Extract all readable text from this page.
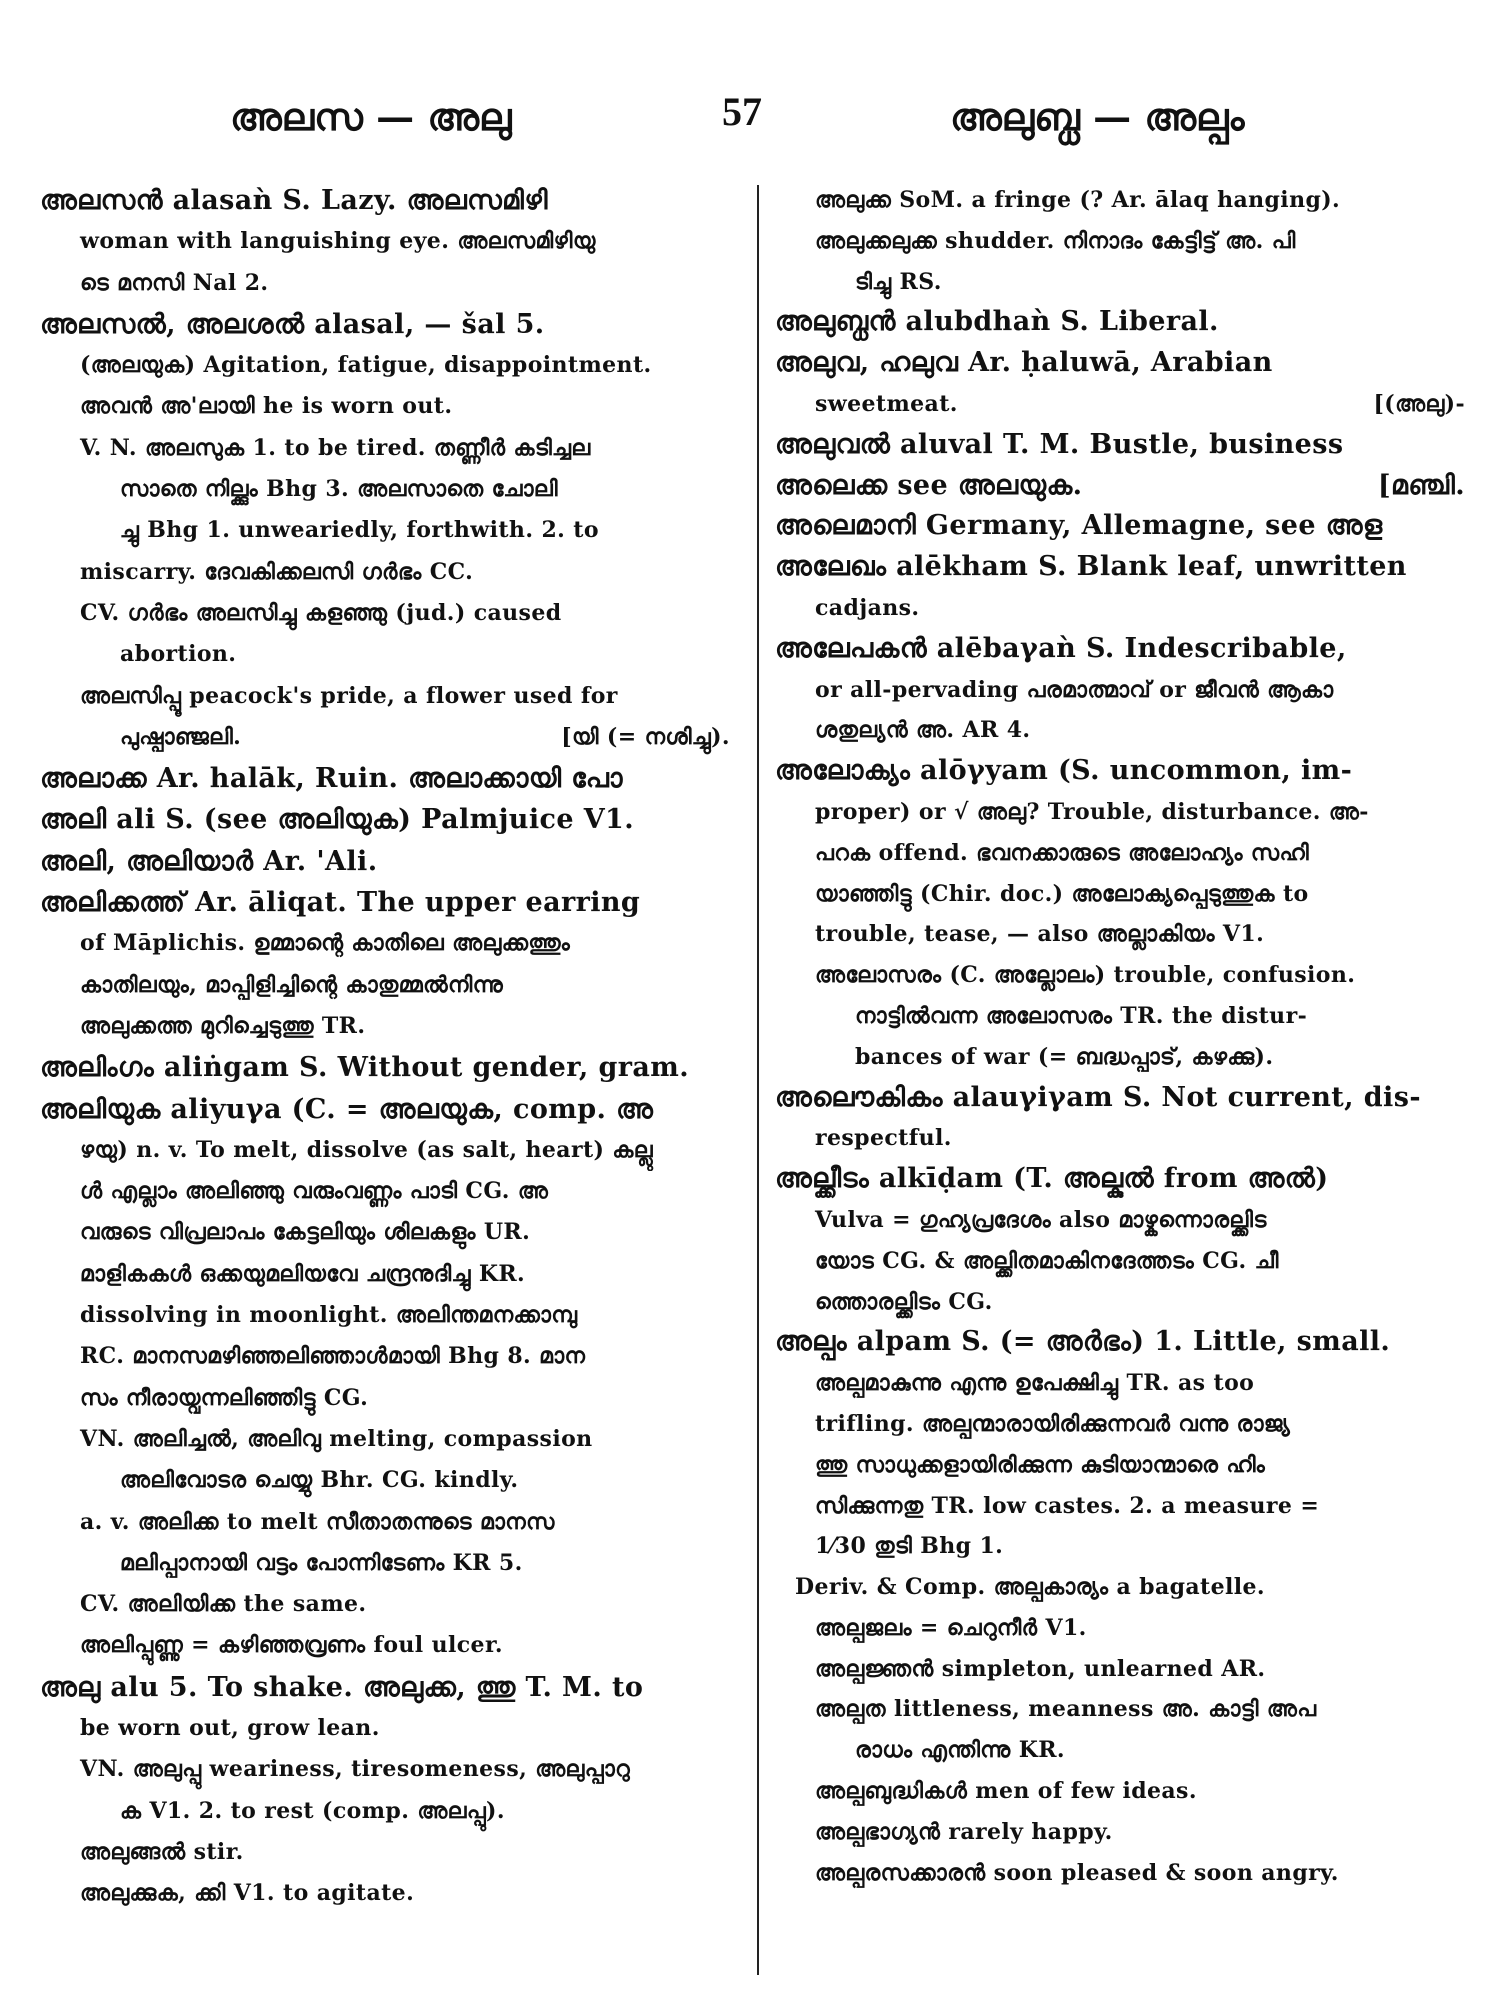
അലസ — അലു	57	അലുബ്ധ — അല്പം
അലസൻ alasaǹ S. Lazy. അലസമിഴി
woman with languishing eye. അലസമിഴിയു
ടെ മനസി Nal 2.
അലസൽ, അലശൽ alasal, — šal 5.
(അലയുക) Agitation, fatigue, disappointment.
അവൻ അ'ലായി he is worn out.
V. N. അലസുക 1. to be tired. തണ്ണീർ കടിച്ചല
സാതെ നില്ക്കും Bhg 3. അലസാതെ ചോലി
ച്ചു Bhg 1. unweariedly, forthwith. 2. to
miscarry. ദേവകിക്കലസി ഗർഭം CC.
CV. ഗർഭം അലസിച്ചു കളഞ്ഞു (jud.) caused
abortion.
അലസിപ്പൂ peacock's pride, a flower used for
പുഷ്പാഞ്ജലി.	[യി (= നശിച്ചു).
അലാക്ക Ar. halāk, Ruin. അലാക്കായി പോ
അലി ali S. (see അലിയുക) Palmjuice V1.
അലി, അലിയാർ Ar. 'Ali.
അലിക്കത്ത് Ar. āliqat. The upper earring
of Māplichis. ഉമ്മാന്റെ കാതിലെ അലുക്കത്തും
കാതിലയും, മാപ്പിളിച്ചിന്റെ കാതുമ്മൽനിന്നു
അലുക്കത്ത മുറിച്ചെടുത്തു TR.
അലിംഗം aliṅgam S. Without gender, gram.
അലിയുക aliyuγa (C. = അലയുക, comp. അ
ഴയു) n. v. To melt, dissolve (as salt, heart) കല്ലു
ൾ എല്ലാം അലിഞ്ഞു വരുംവണ്ണം പാടി CG. അ
വരുടെ വിപ്രലാപം കേട്ടലിയും ശിലകളും UR.
മാളികകൾ ഒക്കയുമലിയവേ ചന്ദ്രനുദിച്ചു KR.
dissolving in moonlight. അലിന്തമനക്കാമ്പു
RC. മാനസമഴിഞ്ഞലിഞ്ഞാൾമായി Bhg 8. മാന
സം നീരായ്വന്നലിഞ്ഞിട്ടു CG.
VN. അലിച്ചൽ, അലിവു melting, compassion
അലിവോടര ചെയ്യു Bhr. CG. kindly.
a. v. അലിക്ക to melt സീതാതന്നുടെ മാനസ
മലിപ്പാനായി വട്ടം പോന്നിടേണം KR 5.
CV. അലിയിക്ക the same.
അലിപ്പുണ്ണു = കഴിഞ്ഞവ്രണം foul ulcer.
അലു alu 5. To shake. അലുക്ക, ത്തു T. M. to
be worn out, grow lean.
VN. അലുപ്പു weariness, tiresomeness, അലുപ്പാറു
ക V1. 2. to rest (comp. അലപ്പു).
അലുങ്ങൽ stir.
അലുക്കുക, ക്കി V1. to agitate.
അലുക്ക SoM. a fringe (? Ar. ālaq hanging).
അലുക്കലുക്ക shudder. നിനാദം കേട്ടിട്ട് അ. പി
ടിച്ചു RS.
അലുബ്ധൻ alubdhaǹ S. Liberal.
അലുവ, ഹലുവ Ar. ḥaluwā, Arabian
sweetmeat.	[(അലു)-
അലുവൽ aluval T. M. Bustle, business
അലെക്ക see അലയുക.	[മഞ്ചി.
അലെമാനി Germany, Allemagne, see അള
അലേഖം alēkham S. Blank leaf, unwritten
cadjans.
അലേപകൻ alēbaγaǹ S. Indescribable,
or all-pervading പരമാത്മാവ് or ജീവൻ ആകാ
ശതുല്യൻ അ. AR 4.
അലോക്യം alōγyam (S. uncommon, im-
proper) or √ അലു? Trouble, disturbance. അ-
പറക offend. ഭവനക്കാരുടെ അലോഹ്യം സഹി
യാഞ്ഞിട്ടു (Chir. doc.) അലോക്യപ്പെടുത്തുക to
trouble, tease, — also അല്ലാകിയം V1.
അലോസരം (C. അല്ലോലം) trouble, confusion.
നാട്ടിൽവന്ന അലോസരം TR. the distur-
bances of war (= ബദ്ധപ്പാട്, കഴക്കു).
അലൌകികം alauγiγam S. Not current, dis-
respectful.
അല്ക്കീടം alkīḍam (T. അല്കുൽ from അൽ)
Vulva = ഗുഹ്യപ്രദേശം also മാഴ്കന്നൊരല്ക്കിട
യോട CG. & അല്ക്കിതമാകിനദേത്തടം CG. ചീ
ത്തൊരല്ക്കിടം CG.
അല്പം alpam S. (= അർഭം) 1. Little, small.
അല്പമാകുന്നു എന്നു ഉപേക്ഷിച്ചു TR. as too
trifling. അല്പന്മാരായിരിക്കുന്നവർ വന്നു രാജ്യ
ത്തു സാധുക്കളായിരിക്കുന്ന കുടിയാന്മാരെ ഹിം
സിക്കുന്നതു TR. low castes. 2. a measure =
1⁄30 തുടി Bhg 1.
Deriv. & Comp. അല്പകാര്യം a bagatelle.
അല്പജലം = ചെറുനീർ V1.
അല്പജ്ഞൻ simpleton, unlearned AR.
അല്പത littleness, meanness അ. കാട്ടി അപ
രാധം എന്തിന്നു KR.
അല്പബുദ്ധികൾ men of few ideas.
അല്പഭാഗ്യൻ rarely happy.
അല്പരസക്കാരൻ soon pleased & soon angry.
